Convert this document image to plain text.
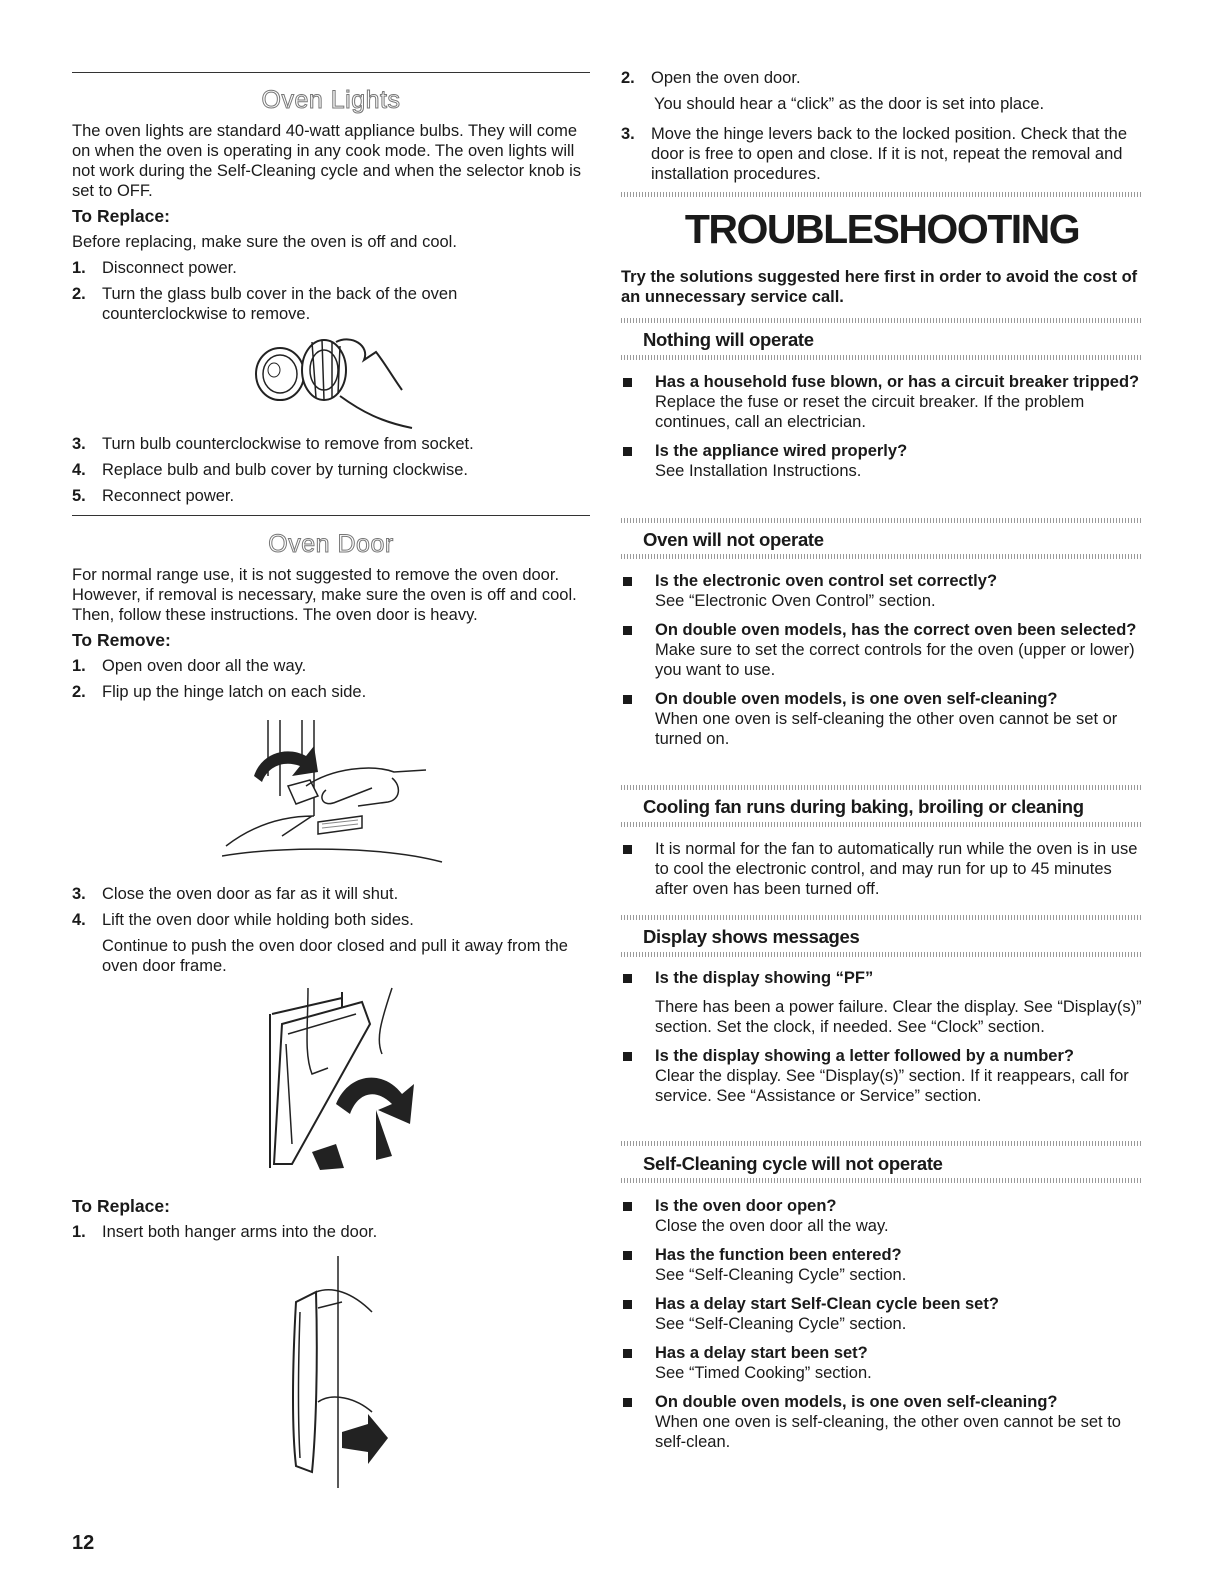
Oven Lights

The oven lights are standard 40-watt appliance bulbs. They will come on when the oven is operating in any cook mode. The oven lights will not work during the Self-Cleaning cycle and when the selector knob is set to OFF.

To Replace:

Before replacing, make sure the oven is off and cool.

1. Disconnect power.
2. Turn the glass bulb cover in the back of the oven counterclockwise to remove.
3. Turn bulb counterclockwise to remove from socket.
4. Replace bulb and bulb cover by turning clockwise.
5. Reconnect power.
Oven Door

For normal range use, it is not suggested to remove the oven door. However, if removal is necessary, make sure the oven is off and cool. Then, follow these instructions. The oven door is heavy.

To Remove:
1. Open oven door all the way.
2. Flip up the hinge latch on each side.
3. Close the oven door as far as it will shut.
4. Lift the oven door while holding both sides.

Continue to push the oven door closed and pull it away from the oven door frame.

To Replace:
1. Insert both hanger arms into the door.
2. Open the oven door.

You should hear a “click” as the door is set into place.

3. Move the hinge levers back to the locked position. Check that the door is free to open and close. If it is not, repeat the removal and installation procedures.
TROUBLESHOOTING
Try the solutions suggested here first in order to avoid the cost of an unnecessary service call.
Nothing will operate
Has a household fuse blown, or has a circuit breaker tripped?
Replace the fuse or reset the circuit breaker. If the problem continues, call an electrician.
Is the appliance wired properly?
See Installation Instructions.
Oven will not operate
Is the electronic oven control set correctly?
See “Electronic Oven Control” section.
On double oven models, has the correct oven been selected?
Make sure to set the correct controls for the oven (upper or lower) you want to use.
On double oven models, is one oven self-cleaning?
When one oven is self-cleaning the other oven cannot be set or turned on.
Cooling fan runs during baking, broiling or cleaning
It is normal for the fan to automatically run while the oven is in use to cool the electronic control, and may run for up to 45 minutes after oven has been turned off.
Display shows messages
Is the display showing “PF”
There has been a power failure. Clear the display. See “Display(s)” section. Set the clock, if needed. See “Clock” section.
Is the display showing a letter followed by a number?
Clear the display. See “Display(s)” section. If it reappears, call for service. See “Assistance or Service” section.
Self-Cleaning cycle will not operate
Is the oven door open?
Close the oven door all the way.
Has the function been entered?
See “Self-Cleaning Cycle” section.
Has a delay start Self-Clean cycle been set?
See “Self-Cleaning Cycle” section.
Has a delay start been set?
See “Timed Cooking” section.
On double oven models, is one oven self-cleaning?
When one oven is self-cleaning, the other oven cannot be set to self-clean.
12
